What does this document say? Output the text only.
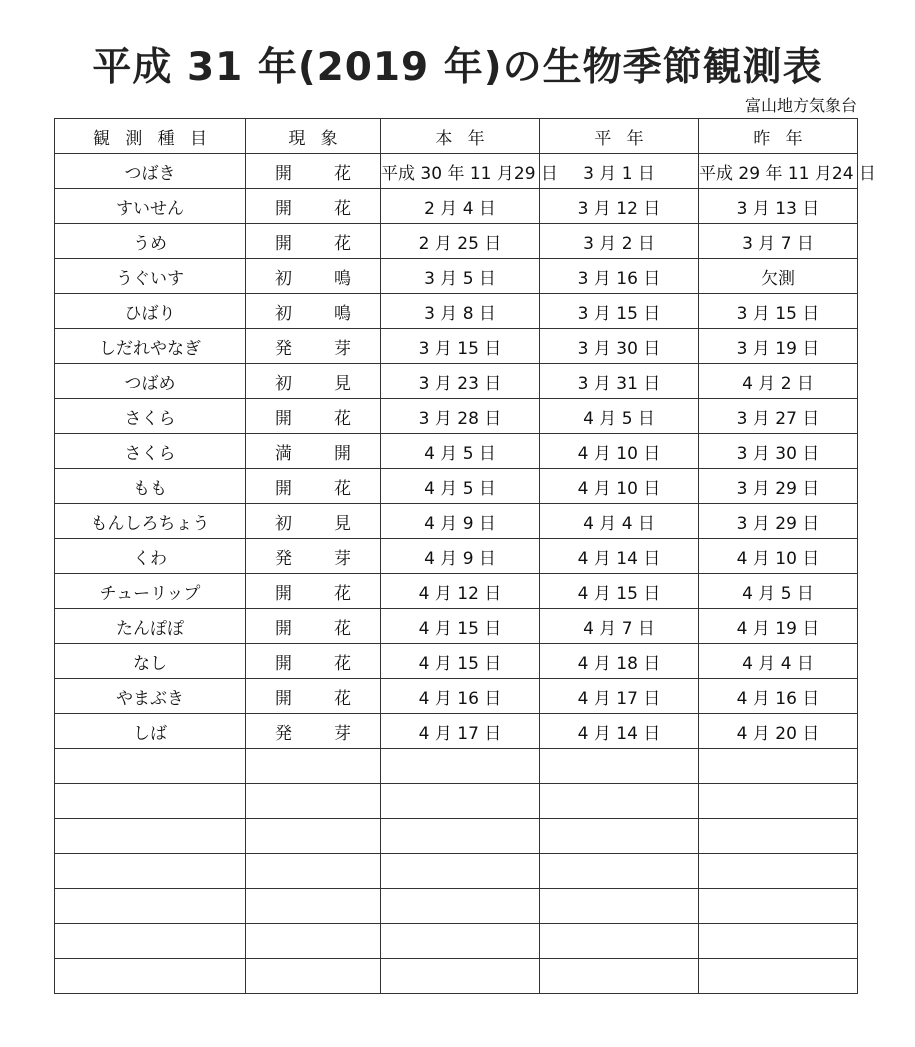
平成 31 年(2019 年)の生物季節観測表
富山地方気象台
観測種目	現象	本年	平年	昨年
つばき	開 花	平成 30 年 11 月29 日	3 月 1 日	平成 29 年 11 月24 日
すいせん	開 花	2 月 4 日	3 月 12 日	3 月 13 日
うめ	開 花	2 月 25 日	3 月 2 日	3 月 7 日
うぐいす	初 鳴	3 月 5 日	3 月 16 日	欠測
ひばり	初 鳴	3 月 8 日	3 月 15 日	3 月 15 日
しだれやなぎ	発 芽	3 月 15 日	3 月 30 日	3 月 19 日
つばめ	初 見	3 月 23 日	3 月 31 日	4 月 2 日
さくら	開 花	3 月 28 日	4 月 5 日	3 月 27 日
さくら	満 開	4 月 5 日	4 月 10 日	3 月 30 日
もも	開 花	4 月 5 日	4 月 10 日	3 月 29 日
もんしろちょう	初 見	4 月 9 日	4 月 4 日	3 月 29 日
くわ	発 芽	4 月 9 日	4 月 14 日	4 月 10 日
チューリップ	開 花	4 月 12 日	4 月 15 日	4 月 5 日
たんぽぽ	開 花	4 月 15 日	4 月 7 日	4 月 19 日
なし	開 花	4 月 15 日	4 月 18 日	4 月 4 日
やまぶき	開 花	4 月 16 日	4 月 17 日	4 月 16 日
しば	発 芽	4 月 17 日	4 月 14 日	4 月 20 日
